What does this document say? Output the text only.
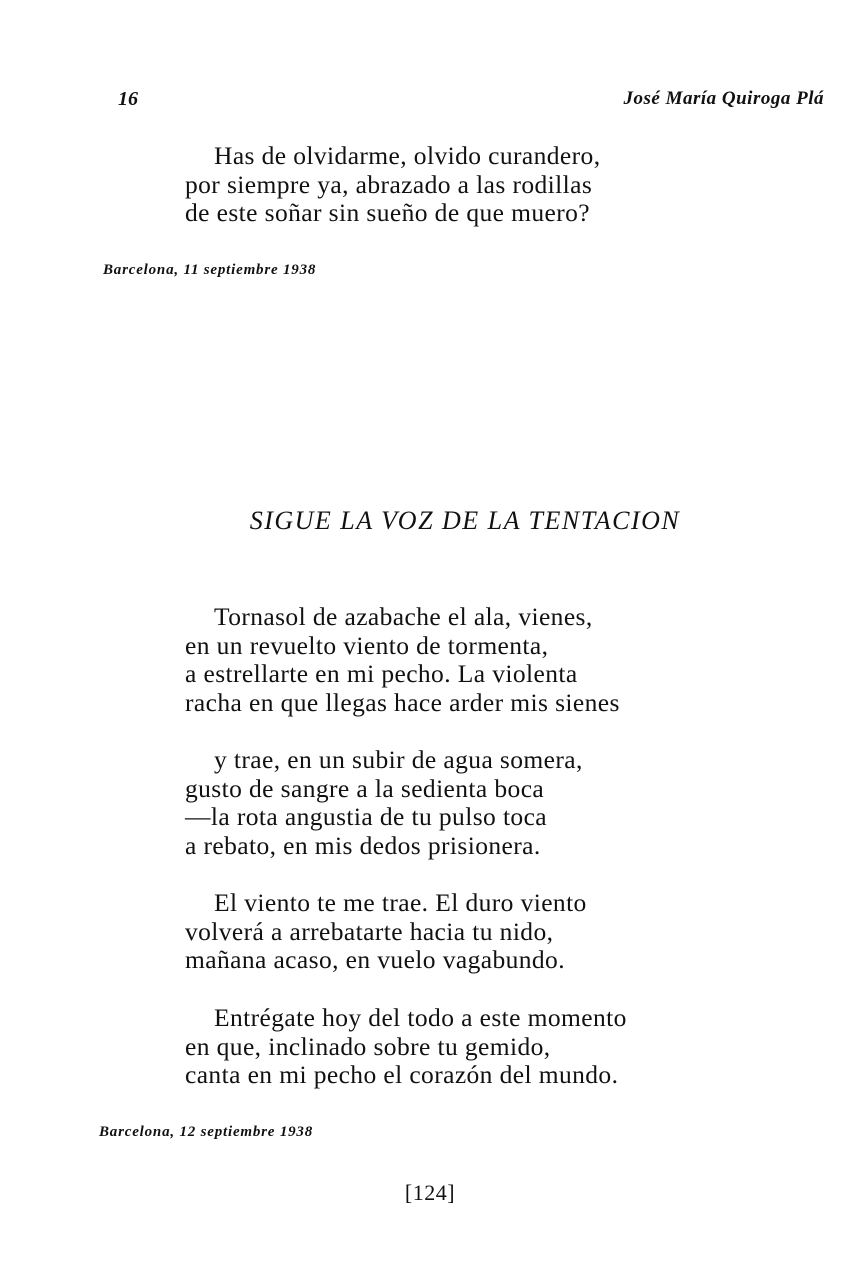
16	José María Quiroga Plá
Has de olvidarme, olvido curandero,
por siempre ya, abrazado a las rodillas
de este soñar sin sueño de que muero?
Barcelona, 11 septiembre 1938
SIGUE LA VOZ DE LA TENTACION
Tornasol de azabache el ala, vienes,
en un revuelto viento de tormenta,
a estrellarte en mi pecho. La violenta
racha en que llegas hace arder mis sienes
y trae, en un subir de agua somera,
gusto de sangre a la sedienta boca
—la rota angustia de tu pulso toca
a rebato, en mis dedos prisionera.
El viento te me trae. El duro viento
volverá a arrebatarte hacia tu nido,
mañana acaso, en vuelo vagabundo.
Entrégate hoy del todo a este momento
en que, inclinado sobre tu gemido,
canta en mi pecho el corazón del mundo.
Barcelona, 12 septiembre 1938
[124]
